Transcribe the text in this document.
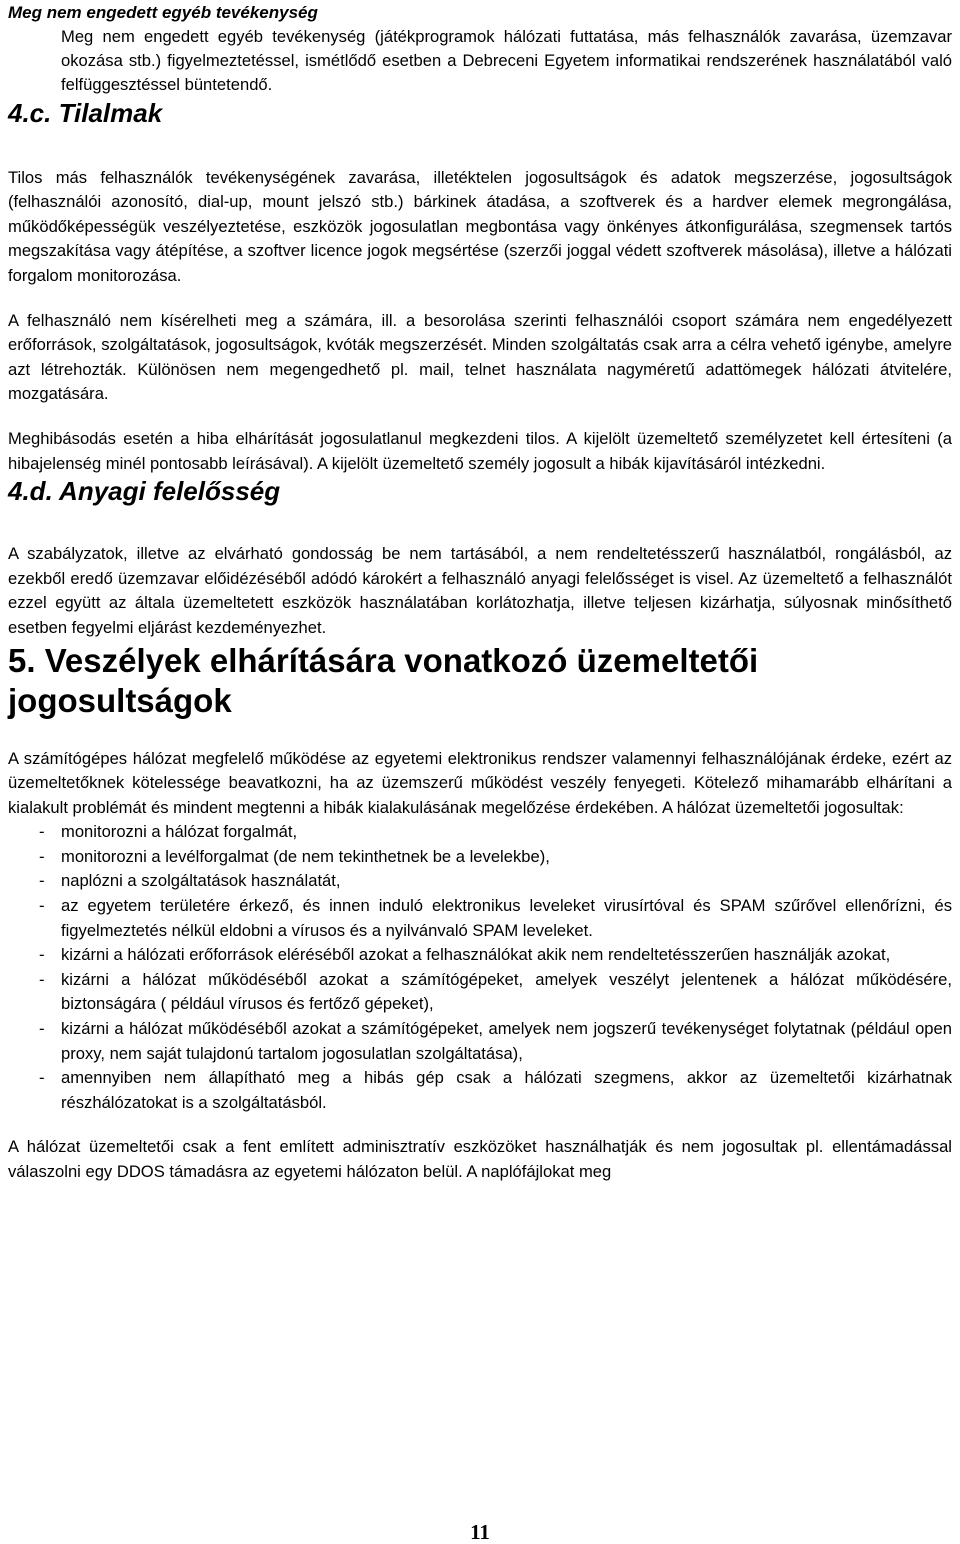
Meg nem engedett egyéb tevékenység

Meg nem engedett egyéb tevékenység (játékprogramok hálózati futtatása, más felhasználók zavarása, üzemzavar okozása stb.) figyelmeztetéssel, ismétlődő esetben a Debreceni Egyetem informatikai rendszerének használatából való felfüggesztéssel büntetendő.

4.c. Tilalmak

Tilos más felhasználók tevékenységének zavarása, illetéktelen jogosultságok és adatok megszerzése, jogosultságok (felhasználói azonosító, dial-up, mount jelszó stb.) bárkinek átadása, a szoftverek és a hardver elemek megrongálása, működőképességük veszélyeztetése, eszközök jogosulatlan megbontása vagy önkényes átkonfigurálása, szegmensek tartós megszakítása vagy átépítése, a szoftver licence jogok megsértése (szerzői joggal védett szoftverek másolása), illetve a hálózati forgalom monitorozása.

A felhasználó nem kísérelheti meg a számára, ill. a besorolása szerinti felhasználói csoport számára nem engedélyezett erőforrások, szolgáltatások, jogosultságok, kvóták megszerzését. Minden szolgáltatás csak arra a célra vehető igénybe, amelyre azt létrehozták. Különösen nem megengedhető pl. mail, telnet használata nagyméretű adattömegek hálózati átvitelére, mozgatására.

Meghibásodás esetén a hiba elhárítását jogosulatlanul megkezdeni tilos. A kijelölt üzemeltető személyzetet kell értesíteni (a hibajelenség minél pontosabb leírásával). A kijelölt üzemeltető személy jogosult a hibák kijavításáról intézkedni.

4.d. Anyagi felelősség

A szabályzatok, illetve az elvárható gondosság be nem tartásából, a nem rendeltetésszerű használatból, rongálásból, az ezekből eredő üzemzavar előidézéséből adódó károkért a felhasználó anyagi felelősséget is visel. Az üzemeltető a felhasználót ezzel együtt az általa üzemeltetett eszközök használatában korlátozhatja, illetve teljesen kizárhatja, súlyosnak minősíthető esetben fegyelmi eljárást kezdeményezhet.

5. Veszélyek elhárítására vonatkozó üzemeltetői jogosultságok

A számítógépes hálózat megfelelő működése az egyetemi elektronikus rendszer valamennyi felhasználójának érdeke, ezért az üzemeltetőknek kötelessége beavatkozni, ha az üzemszerű működést veszély fenyegeti. Kötelező mihamarább elhárítani a kialakult problémát és mindent megtenni a hibák kialakulásának megelőzése érdekében. A hálózat üzemeltetői jogosultak:

- monitorozni a hálózat forgalmát,
- monitorozni a levélforgalmat (de nem tekinthetnek be a levelekbe),
- naplózni a szolgáltatások használatát,
- az egyetem területére érkező, és innen induló elektronikus leveleket virusírtóval és SPAM szűrővel ellenőrízni, és figyelmeztetés nélkül eldobni a vírusos és a nyilvánvaló SPAM leveleket.
- kizárni a hálózati erőforrások eléréséből azokat a felhasználókat akik nem rendeltetésszerűen használják azokat,
- kizárni a hálózat működéséből azokat a számítógépeket, amelyek veszélyt jelentenek a hálózat működésére, biztonságára ( például vírusos és fertőző gépeket),
- kizárni a hálózat működéséből azokat a számítógépeket, amelyek nem jogszerű tevékenységet folytatnak (például open proxy, nem saját tulajdonú tartalom jogosulatlan szolgáltatása),
- amennyiben nem állapítható meg a hibás gép csak a hálózati szegmens, akkor az üzemeltetői kizárhatnak részhálózatokat is a szolgáltatásból.

A hálózat üzemeltetői csak a fent említett adminisztratív eszközöket használhatják és nem jogosultak pl. ellentámadással válaszolni egy DDOS támadásra az egyetemi hálózaton belül. A naplófájlokat meg

11
